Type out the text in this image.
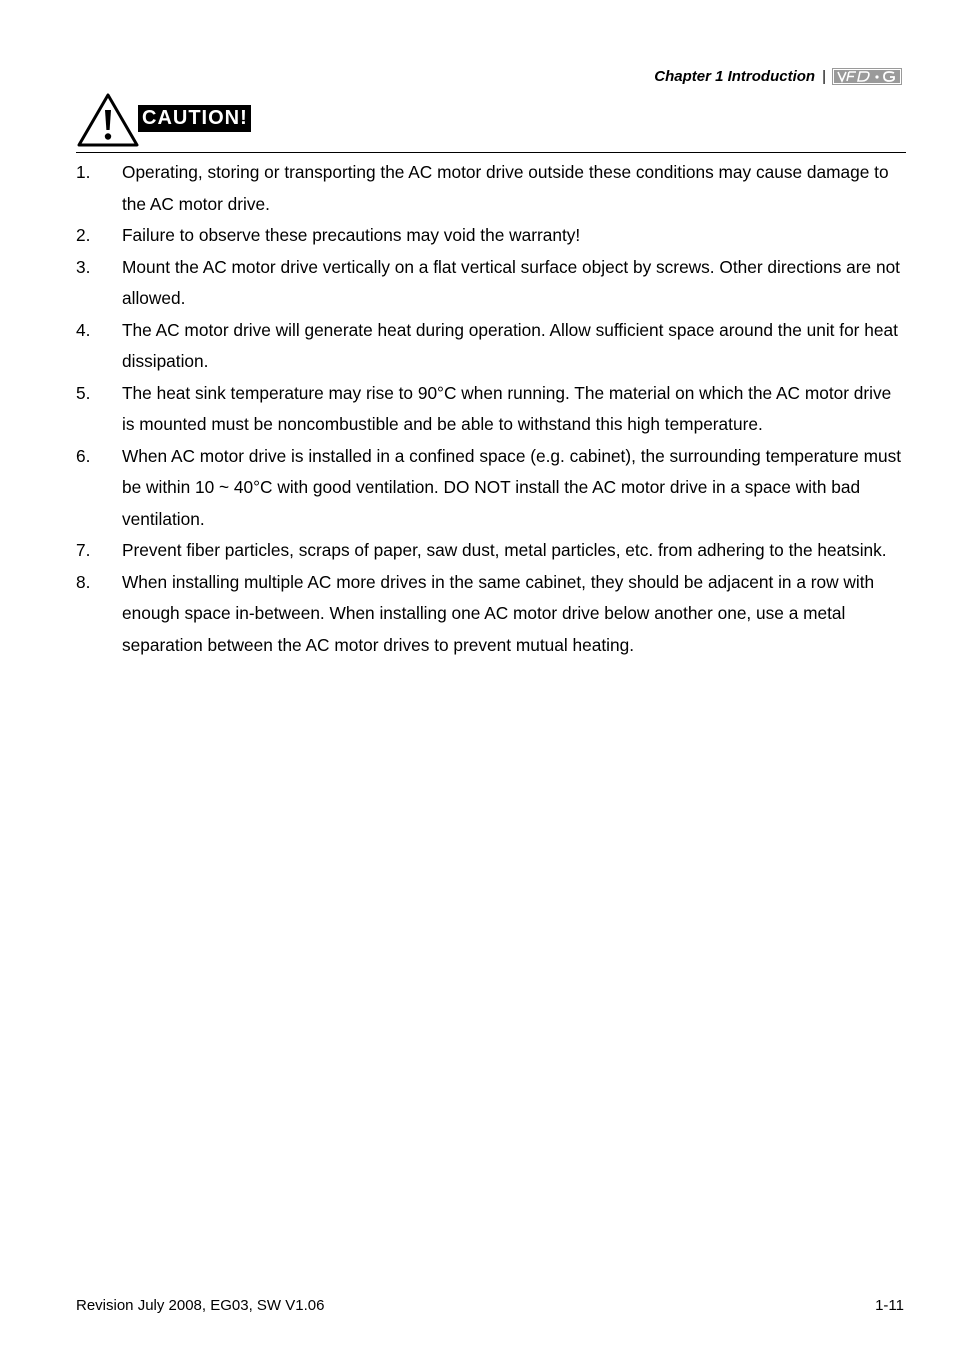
Chapter 1 Introduction |
CAUTION!
1.	Operating, storing or transporting the AC motor drive outside these conditions may cause damage to the AC motor drive.
2.	Failure to observe these precautions may void the warranty!
3.	Mount the AC motor drive vertically on a flat vertical surface object by screws. Other directions are not allowed.
4.	The AC motor drive will generate heat during operation. Allow sufficient space around the unit for heat dissipation.
5.	The heat sink temperature may rise to 90°C when running. The material on which the AC motor drive is mounted must be noncombustible and be able to withstand this high temperature.
6.	When AC motor drive is installed in a confined space (e.g. cabinet), the surrounding temperature must be within 10 ~ 40°C with good ventilation. DO NOT install the AC motor drive in a space with bad ventilation.
7.	Prevent fiber particles, scraps of paper, saw dust, metal particles, etc. from adhering to the heatsink.
8.	When installing multiple AC more drives in the same cabinet, they should be adjacent in a row with enough space in-between. When installing one AC motor drive below another one, use a metal separation between the AC motor drives to prevent mutual heating.
Revision July 2008, EG03, SW V1.06	1-11
